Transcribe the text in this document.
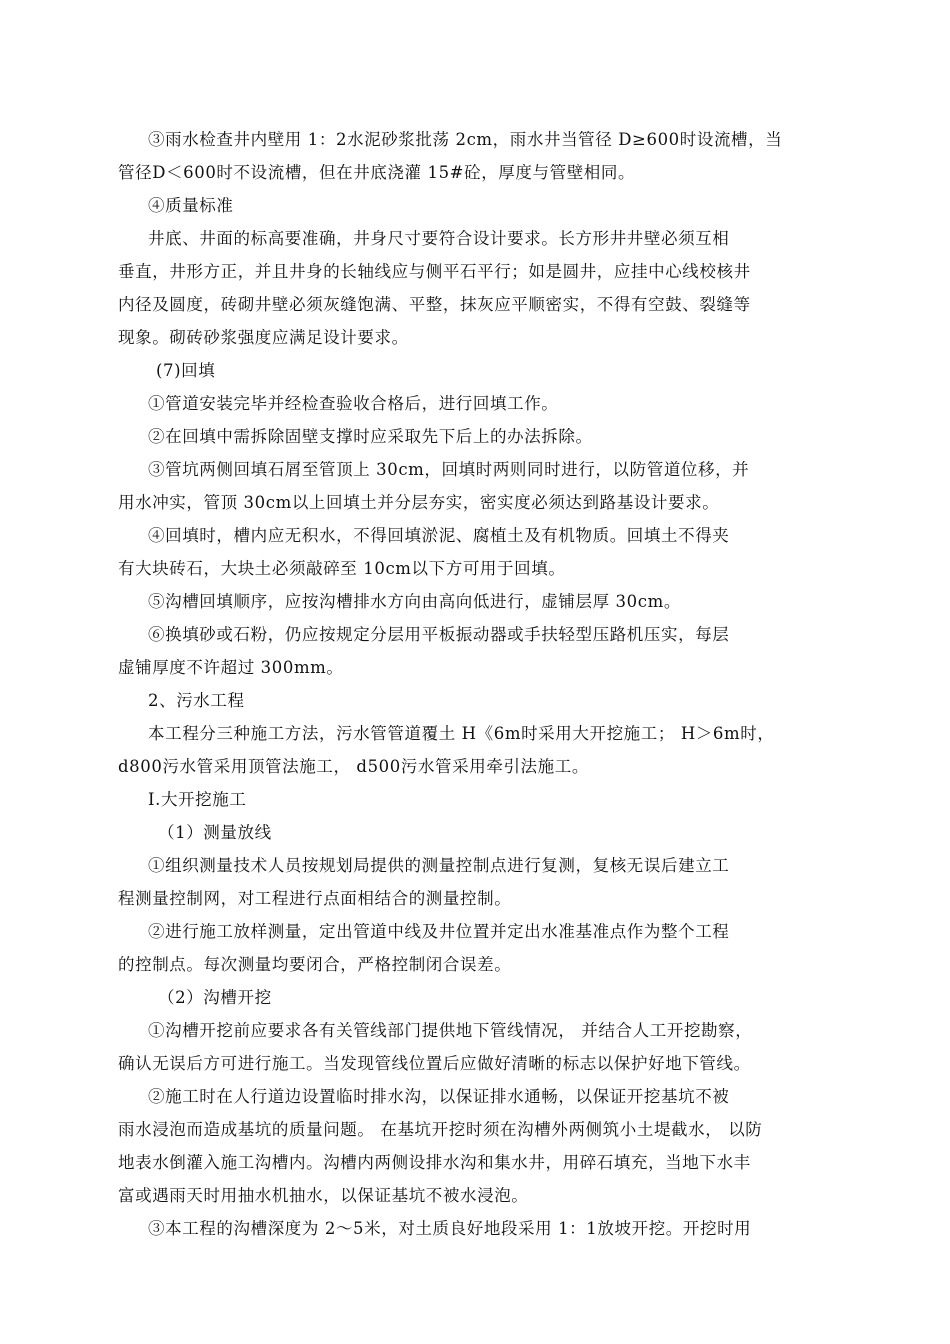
③雨水检查井内壁用 1：2水泥砂浆批荡 2cm，雨水井当管径 D≥600时设流槽，当
管径D＜600时不设流槽，但在井底浇灌 15#砼，厚度与管壁相同。
④质量标准
井底、井面的标高要准确，井身尺寸要符合设计要求。长方形井井壁必须互相
垂直，井形方正，并且井身的长轴线应与侧平石平行；如是圆井，应挂中心线校核井
内径及圆度，砖砌井壁必须灰缝饱满、平整，抹灰应平顺密实，不得有空鼓、裂缝等
现象。砌砖砂浆强度应满足设计要求。
(7)回填
①管道安装完毕并经检查验收合格后，进行回填工作。
②在回填中需拆除固壁支撑时应采取先下后上的办法拆除。
③管坑两侧回填石屑至管顶上 30cm，回填时两则同时进行，以防管道位移，并
用水冲实，管顶 30cm以上回填土并分层夯实，密实度必须达到路基设计要求。
④回填时，槽内应无积水，不得回填淤泥、腐植土及有机物质。回填土不得夹
有大块砖石，大块土必须敲碎至 10cm以下方可用于回填。
⑤沟槽回填顺序，应按沟槽排水方向由高向低进行，虚铺层厚 30cm。
⑥换填砂或石粉，仍应按规定分层用平板振动器或手扶轻型压路机压实，每层
虚铺厚度不许超过 300mm。
2、污水工程
本工程分三种施工方法，污水管管道覆土 H《6m时采用大开挖施工； H＞6m时，
d800污水管采用顶管法施工， d500污水管采用牵引法施工。
I.大开挖施工
（1）测量放线
①组织测量技术人员按规划局提供的测量控制点进行复测，复核无误后建立工
程测量控制网，对工程进行点面相结合的测量控制。
②进行施工放样测量，定出管道中线及井位置并定出水准基准点作为整个工程
的控制点。每次测量均要闭合，严格控制闭合误差。
（2）沟槽开挖
①沟槽开挖前应要求各有关管线部门提供地下管线情况， 并结合人工开挖勘察，
确认无误后方可进行施工。当发现管线位置后应做好清晰的标志以保护好地下管线。
②施工时在人行道边设置临时排水沟，以保证排水通畅，以保证开挖基坑不被
雨水浸泡而造成基坑的质量问题。 在基坑开挖时须在沟槽外两侧筑小土堤截水， 以防
地表水倒灌入施工沟槽内。沟槽内两侧设排水沟和集水井，用碎石填充，当地下水丰
富或遇雨天时用抽水机抽水，以保证基坑不被水浸泡。
③本工程的沟槽深度为 2～5米，对土质良好地段采用 1：1放坡开挖。开挖时用
